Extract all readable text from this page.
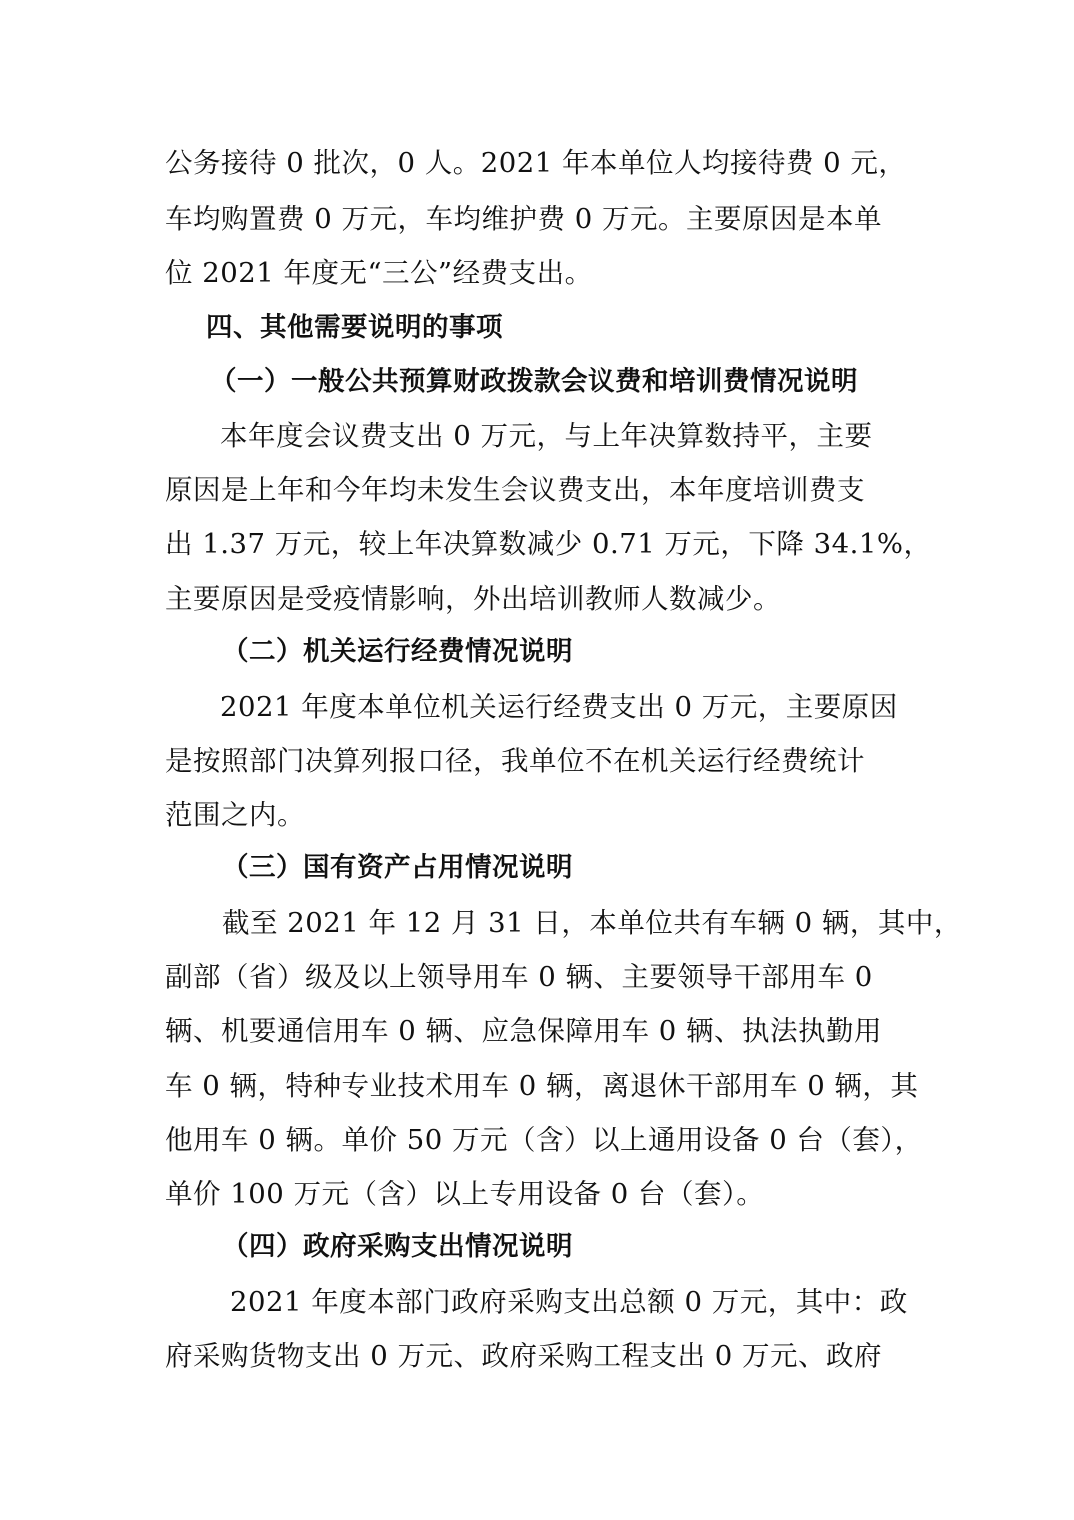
公务接待 0 批次，0 人。2021 年本单位人均接待费 0 元，
车均购置费 0 万元，车均维护费 0 万元。主要原因是本单
位 2021 年度无“三公”经费支出。
四、其他需要说明的事项
（一）一般公共预算财政拨款会议费和培训费情况说明
本年度会议费支出 0 万元，与上年决算数持平，主要
原因是上年和今年均未发生会议费支出，本年度培训费支
出 1.37 万元，较上年决算数减少 0.71 万元，下降 34.1%，
主要原因是受疫情影响，外出培训教师人数减少。
（二）机关运行经费情况说明
2021 年度本单位机关运行经费支出 0 万元，主要原因
是按照部门决算列报口径，我单位不在机关运行经费统计
范围之内。
（三）国有资产占用情况说明
截至 2021 年 12 月 31 日，本单位共有车辆 0 辆，其中，
副部（省）级及以上领导用车 0 辆、主要领导干部用车 0
辆、机要通信用车 0 辆、应急保障用车 0 辆、执法执勤用
车 0 辆，特种专业技术用车 0 辆，离退休干部用车 0 辆，其
他用车 0 辆。单价 50 万元（含）以上通用设备 0 台（套），
单价 100 万元（含）以上专用设备 0 台（套）。
（四）政府采购支出情况说明
2021 年度本部门政府采购支出总额 0 万元，其中：政
府采购货物支出 0 万元、政府采购工程支出 0 万元、政府
